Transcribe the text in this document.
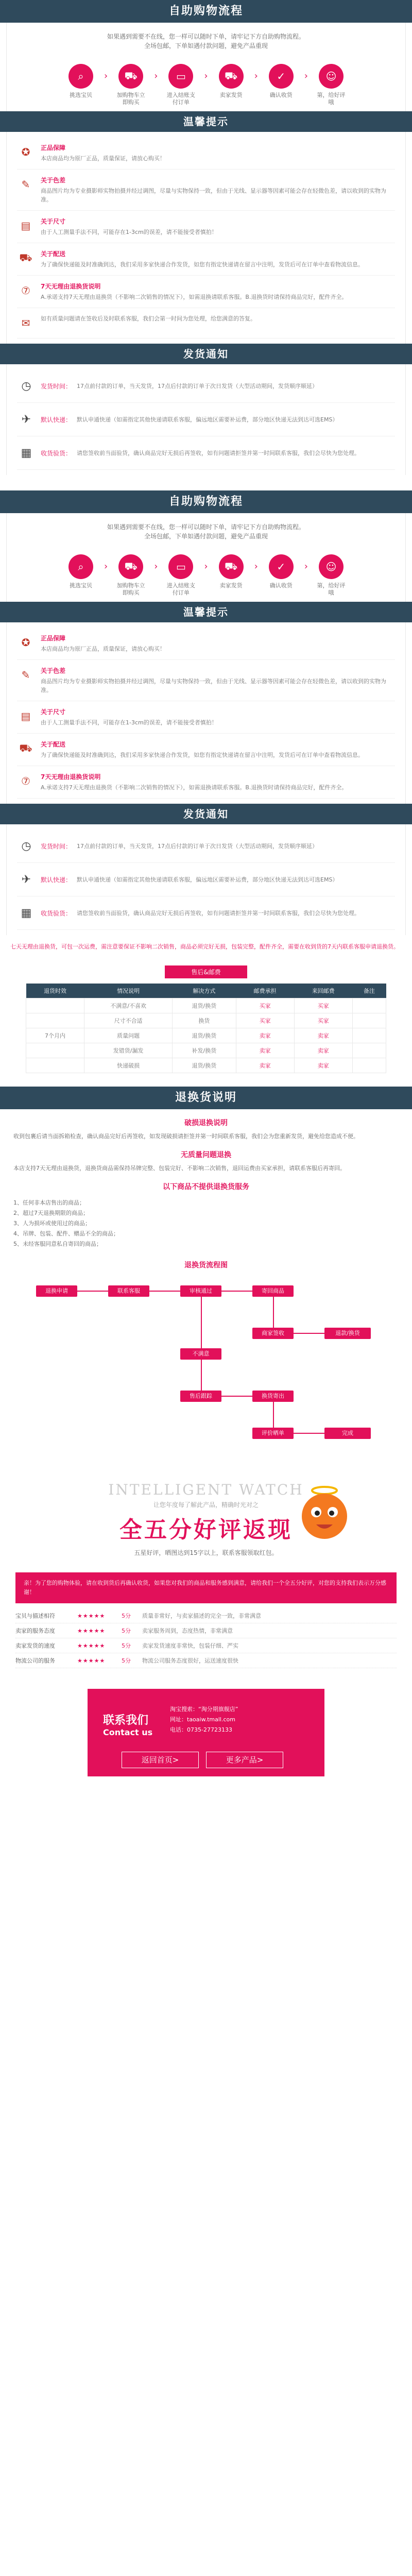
自助购物流程
如果遇到需要不在线，您一样可以随时下单，请牢记下方自助购物流程。
全场包邮，下单如遇付款问题，避免产品重现
⌕
挑选宝贝
›	⛟
加购物车立即购买
›	▭
进入结账支付订单
›	⛟
卖家发货
›	✓
确认收货
›	☺
第，给好评哦
温馨提示
✪	正品保障
本店商品均为原厂正品，质量保证，请放心购买！
✎	关于色差
商品图片均为专业摄影师实物拍摄并经过调图，尽量与实物保持一致，但由于光线、显示器等因素可能会存在轻微色差，请以收到的实物为准。
▤	关于尺寸
由于人工测量手法不同，可能存在1-3cm的误差，请不能接受者慎拍！
⛟	关于配送
为了确保快递能及时准确到达，我们采用多家快递合作发货，如您有指定快递请在留言中注明，发货后可在订单中查看物流信息。
⑦	7天无理由退换货说明
A.承诺支持7天无理由退换货（不影响二次销售的情况下），如需退换请联系客服。B.退换货时请保持商品完好，配件齐全。
✉	如有质量问题请在签收后及时联系客服，我们会第一时间为您处理，给您满意的答复。
发货通知
◷	发货时间： 17点前付款的订单，当天发货，17点后付款的订单于次日发货（大型活动期间，发货顺序顺延）
✈	默认快递： 默认申通快递（如需指定其他快递请联系客服，偏远地区需要补运费，部分地区快递无法到达可选EMS）
▦	收货验货： 请您签收前当面验货，确认商品完好无损后再签收，如有问题请拒签并第一时间联系客服，我们会尽快为您处理。
自助购物流程
如果遇到需要不在线，您一样可以随时下单，请牢记下方自助购物流程。
全场包邮，下单如遇付款问题，避免产品重现
⌕
挑选宝贝
›	⛟
加购物车立即购买
›	▭
进入结账支付订单
›	⛟
卖家发货
›	✓
确认收货
›	☺
第，给好评哦
温馨提示
✪	正品保障
本店商品均为原厂正品，质量保证，请放心购买！
✎	关于色差
商品图片均为专业摄影师实物拍摄并经过调图，尽量与实物保持一致，但由于光线、显示器等因素可能会存在轻微色差，请以收到的实物为准。
▤	关于尺寸
由于人工测量手法不同，可能存在1-3cm的误差，请不能接受者慎拍！
⛟	关于配送
为了确保快递能及时准确到达，我们采用多家快递合作发货，如您有指定快递请在留言中注明，发货后可在订单中查看物流信息。
⑦	7天无理由退换货说明
A.承诺支持7天无理由退换货（不影响二次销售的情况下），如需退换请联系客服。B.退换货时请保持商品完好，配件齐全。
发货通知
◷	发货时间： 17点前付款的订单，当天发货，17点后付款的订单于次日发货（大型活动期间，发货顺序顺延）
✈	默认快递： 默认申通快递（如需指定其他快递请联系客服，偏远地区需要补运费，部分地区快递无法到达可选EMS）
▦	收货验货： 请您签收前当面验货，确认商品完好无损后再签收，如有问题请拒签并第一时间联系客服，我们会尽快为您处理。
七天无理由退换货，可包一次运费，需注意要保证不影响二次销售，商品必须完好无损，包装完整，配件齐全，需要在收到货的7天内联系客服申请退换货。
售后&邮费
退货时效	情况说明	解决方式	邮费承担	来回邮费	备注
	不满意/不喜欢	退货/换货	买家	买家	
	尺寸不合适	换货	买家	买家	
7个月内	质量问题	退货/换货	卖家	卖家	
	发错货/漏发	补发/换货	卖家	卖家	
	快递破损	退货/换货	卖家	卖家	
退换货说明
破损退换说明
收到包裹后请当面拆箱检查，确认商品完好后再签收，如发现破损请拒签并第一时间联系客服，我们会为您重新发货，避免给您造成不便。
无质量问题退换
本店支持7天无理由退换货，退换货商品需保持吊牌完整、包装完好、不影响二次销售，退回运费由买家承担，请联系客服后再寄回。
以下商品不提供退换货服务
1、任何非本店售出的商品；
2、超过7天退换期限的商品；
3、人为损坏或使用过的商品；
4、吊牌、包装、配件、赠品不全的商品；
5、未经客服同意私自寄回的商品；
退换货流程图
退换申请	联系客服	审核通过	寄回商品
商家签收	退款/换货
不满意
售后跟踪	换货寄出
评价晒单	完成
INTELLIGENT WATCH
让您年度每了解此产品，精确时光对之
全五分好评返现
五星好评，晒图达到15字以上，联系客服领取红包。
亲！为了您的购物体验，请在收到货后再确认收货，如果您对我们的商品和服务感到满意，请给我们一个全五分好评，对您的支持我们表示万分感谢！
宝贝与描述相符	★★★★★	5分	质量非常好，与卖家描述的完全一致，非常满意
卖家的服务态度	★★★★★	5分	卖家服务周到，态度热情，非常满意
卖家发货的速度	★★★★★	5分	卖家发货速度非常快，包装仔细、严实
物流公司的服务	★★★★★	5分	物流公司服务态度很好，运送速度很快
联系我们
Contact us
淘宝搜索：“淘分期旗舰店”
网址：taoaiw.tmall.com
电话：0735-27723133
返回首页>	更多产品>
